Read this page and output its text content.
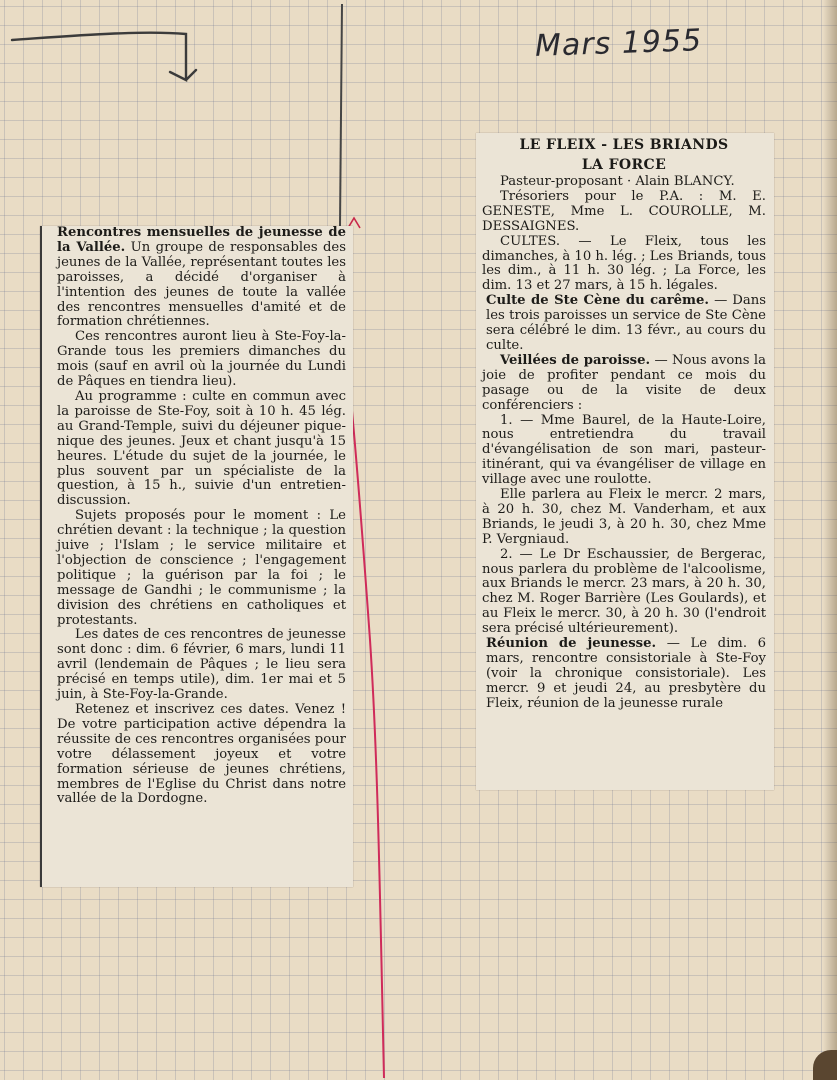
Mars 1955

Rencontres mensuelles de jeunesse de la Vallée. Un groupe de responsables des jeunes de la Vallée, représentant toutes les paroisses, a décidé d'organiser à l'intention des jeunes de toute la vallée des rencontres mensuelles d'amité et de formation chrétiennes.

Ces rencontres auront lieu à Ste-Foy-la-Grande tous les premiers dimanches du mois (sauf en avril où la journée du Lundi de Pâques en tiendra lieu).

Au programme : culte en commun avec la paroisse de Ste-Foy, soit à 10 h. 45 lég. au Grand-Temple, suivi du déjeuner pique-nique des jeunes. Jeux et chant jusqu'à 15 heures. L'étude du sujet de la journée, le plus souvent par un spécialiste de la question, à 15 h., suivie d'un entretien-discussion.

Sujets proposés pour le moment : Le chrétien devant : la technique ; la question juive ; l'Islam ; le service militaire et l'objection de conscience ; l'engagement politique ; la guérison par la foi ; le message de Gandhi ; le communisme ; la division des chrétiens en catholiques et protestants.

Les dates de ces rencontres de jeunesse sont donc : dim. 6 février, 6 mars, lundi 11 avril (lendemain de Pâques ; le lieu sera précisé en temps utile), dim. 1er mai et 5 juin, à Ste-Foy-la-Grande.

Retenez et inscrivez ces dates. Venez ! De votre participation active dépendra la réussite de ces rencontres organisées pour votre délassement joyeux et votre formation sérieuse de jeunes chrétiens, membres de l'Eglise du Christ dans notre vallée de la Dordogne.

LE FLEIX - LES BRIANDS
LA FORCE

Pasteur-proposant · Alain BLANCY.

Trésoriers pour le P.A. : M. E. GENESTE, Mme L. COUROLLE, M. DESSAIGNES.

CULTES. — Le Fleix, tous les dimanches, à 10 h. lég. ; Les Briands, tous les dim., à 11 h. 30 lég. ; La Force, les dim. 13 et 27 mars, à 15 h. légales.

Culte de Ste Cène du carême. — Dans les trois paroisses un service de Ste Cène sera célébré le dim. 13 févr., au cours du culte.

Veillées de paroisse. — Nous avons la joie de profiter pendant ce mois du pasage ou de la visite de deux conférenciers :

1. — Mme Baurel, de la Haute-Loire, nous entretiendra du travail d'évangélisation de son mari, pasteur-itinérant, qui va évangéliser de village en village avec une roulotte.

Elle parlera au Fleix le mercr. 2 mars, à 20 h. 30, chez M. Vanderham, et aux Briands, le jeudi 3, à 20 h. 30, chez Mme P. Vergniaud.

2. — Le Dr Eschaussier, de Bergerac, nous parlera du problème de l'alcoolisme, aux Briands le mercr. 23 mars, à 20 h. 30, chez M. Roger Barrière (Les Goulards), et au Fleix le mercr. 30, à 20 h. 30 (l'endroit sera précisé ultérieurement).

Réunion de jeunesse. — Le dim. 6 mars, rencontre consistoriale à Ste-Foy (voir la chronique consistoriale). Les mercr. 9 et jeudi 24, au presbytère du Fleix, réunion de la jeunesse rurale
